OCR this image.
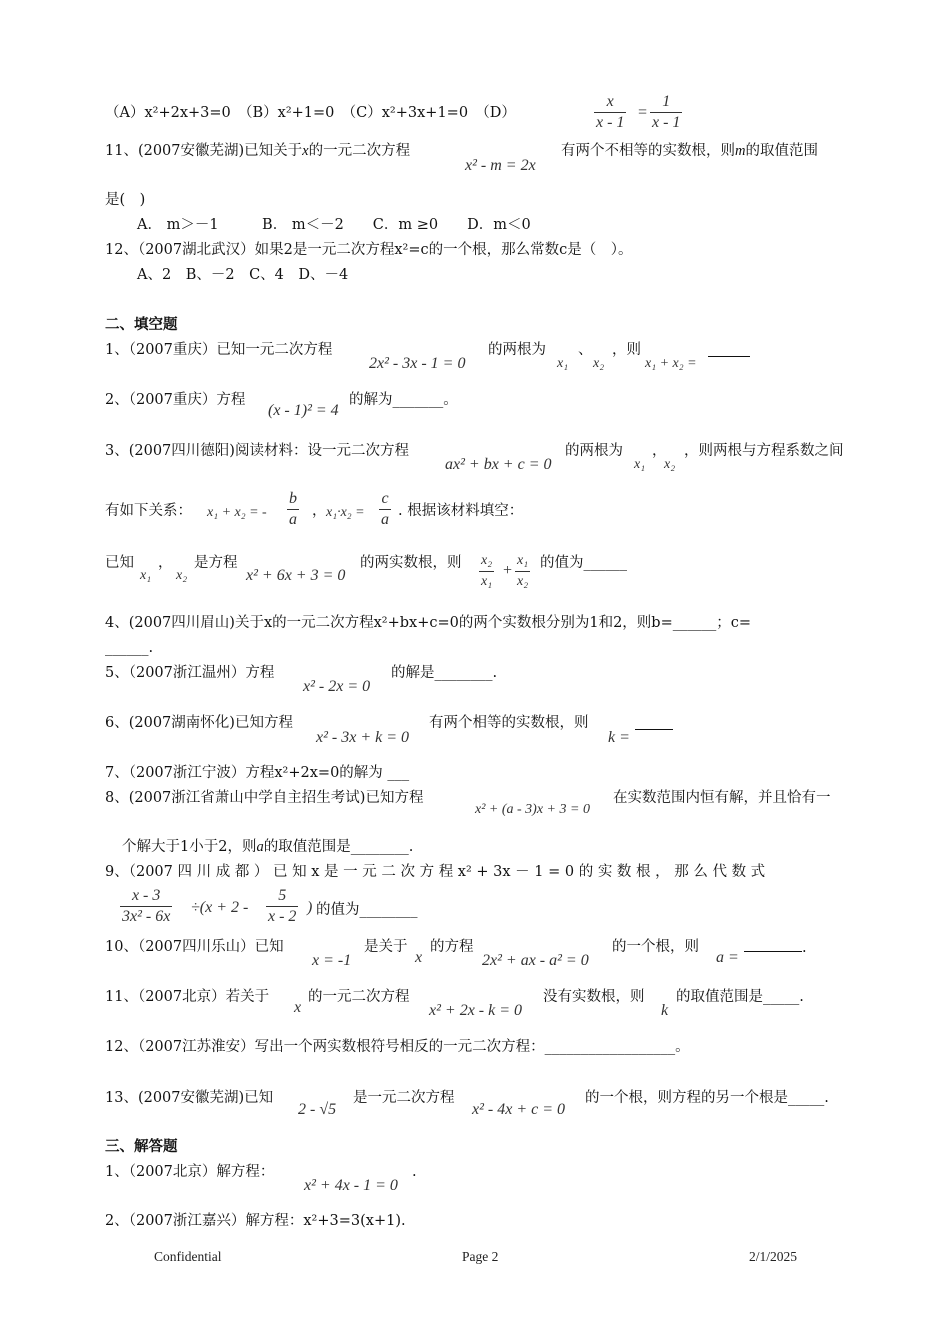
（A）x²+2x+3=0　（B）x²+1=0　（C）x²+3x+1=0　（D）	$\frac{x}{x - 1} = \frac{1}{x - 1}$
11、(2007安徽芜湖)已知关于x的一元二次方程
x² - m = 2x
有两个不相等的实数根，则m的取值范围
是(　)
A． m＞－1　　　B． m＜－2　　C．m ≥0　　D．m＜0
12、（2007湖北武汉）如果2是一元二次方程x²=c的一个根，那么常数c是（　）。
A、2　B、－2　C、4　D、－4
二、填空题
1、（2007重庆）已知一元二次方程
2x² - 3x - 1 = 0
的两根为
x₁
、
x₂
，则
x₁ + x₂ =
2、（2007重庆）方程
(x - 1)² = 4
的解为_______。
3、(2007四川德阳)阅读材料：设一元二次方程
ax² + bx + c = 0
的两根为
x₁
，
x₂
，则两根与方程系数之间
有如下关系： x₁ + x₂ = - $\frac{b}{a}$ ， $x_1\cdot x_2 = \frac{c}{a}$ . 根据该材料填空：
已知
x₁
，
x₂
是方程
x² + 6x + 3 = 0
的两实数根，则 $\frac{\text{x₂}}{\text{x₁}} + \frac{\text{x₁}}{\text{x₂}}$ 的值为______
4、(2007四川眉山)关于x的一元二次方程x²+bx+c=0的两个实数根分别为1和2，则b=______；c=
______.
5、（2007浙江温州）方程
x² - 2x = 0
的解是________.
6、(2007湖南怀化)已知方程
x² - 3x + k = 0
有两个相等的实数根，则
k =
7、（2007浙江宁波）方程x²+2x=0的解为 ___
8、(2007浙江省萧山中学自主招生考试)已知方程
x² + (a - 3)x + 3 = 0
在实数范围内恒有解，并且恰有一
个解大于1小于2，则a的取值范围是________.
9、（2007 四 川 成 都 ） 已 知 x 是 一 元 二 次 方 程 x² + 3x － 1 = 0 的 实 数 根 ， 那 么 代 数 式
$\frac{x - 3}{\text{3x² - 6x}} \div(x + 2 - \frac{5}{x - 2}$ ) 的值为________
10、（2007四川乐山）已知
x = -1
是关于
x
的方程
2x² + ax - a² = 0
的一个根，则
a =
.
11、（2007北京）若关于
x
的一元二次方程
x² + 2x - k = 0
没有实数根，则
k
的取值范围是_____.
12、（2007江苏淮安）写出一个两实数根符号相反的一元二次方程：__________________。
13、(2007安徽芜湖)已知
2 - √5
是一元二次方程
x² - 4x + c = 0
的一个根，则方程的另一个根是_____.
三、解答题
1、（2007北京）解方程：
x² + 4x - 1 = 0
.
2、（2007浙江嘉兴）解方程：x²+3=3(x+1).
Confidential	Page 2	2/1/2025
